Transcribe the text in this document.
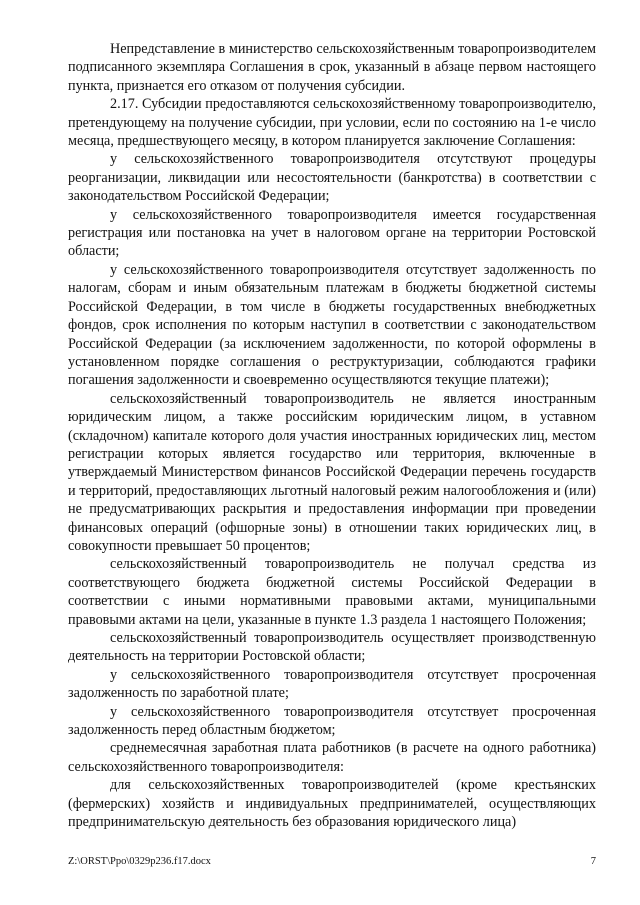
Непредставление в министерство сельскохозяйственным товаропроизводителем подписанного экземпляра Соглашения в срок, указанный в абзаце первом настоящего пункта, признается его отказом от получения субсидии.

2.17. Субсидии предоставляются сельскохозяйственному товаропроизводителю, претендующему на получение субсидии, при условии, если по состоянию на 1-е число месяца, предшествующего месяцу, в котором планируется заключение Соглашения:

у сельскохозяйственного товаропроизводителя отсутствуют процедуры реорганизации, ликвидации или несостоятельности (банкротства) в соответствии с законодательством Российской Федерации;

у сельскохозяйственного товаропроизводителя имеется государственная регистрация или постановка на учет в налоговом органе на территории Ростовской области;

у сельскохозяйственного товаропроизводителя отсутствует задолженность по налогам, сборам и иным обязательным платежам в бюджеты бюджетной системы Российской Федерации, в том числе в бюджеты государственных внебюджетных фондов, срок исполнения по которым наступил в соответствии с законодательством Российской Федерации (за исключением задолженности, по которой оформлены в установленном порядке соглашения о реструктуризации, соблюдаются графики погашения задолженности и своевременно осуществляются текущие платежи);

сельскохозяйственный товаропроизводитель не является иностранным юридическим лицом, а также российским юридическим лицом, в уставном (складочном) капитале которого доля участия иностранных юридических лиц, местом регистрации которых является государство или территория, включенные в утверждаемый Министерством финансов Российской Федерации перечень государств и территорий, предоставляющих льготный налоговый режим налогообложения и (или) не предусматривающих раскрытия и предоставления информации при проведении финансовых операций (офшорные зоны) в отношении таких юридических лиц, в совокупности превышает 50 процентов;

сельскохозяйственный товаропроизводитель не получал средства из соответствующего бюджета бюджетной системы Российской Федерации в соответствии с иными нормативными правовыми актами, муниципальными правовыми актами на цели, указанные в пункте 1.3 раздела 1 настоящего Положения;

сельскохозяйственный товаропроизводитель осуществляет производственную деятельность на территории Ростовской области;

у сельскохозяйственного товаропроизводителя отсутствует просроченная задолженность по заработной плате;

у сельскохозяйственного товаропроизводителя отсутствует просроченная задолженность перед областным бюджетом;

среднемесячная заработная плата работников (в расчете на одного работника) сельскохозяйственного товаропроизводителя:

для сельскохозяйственных товаропроизводителей (кроме крестьянских (фермерских) хозяйств и индивидуальных предпринимателей, осуществляющих предпринимательскую деятельность без образования юридического лица)

Z:\ORST\Ppo\0329p236.f17.docx	7
